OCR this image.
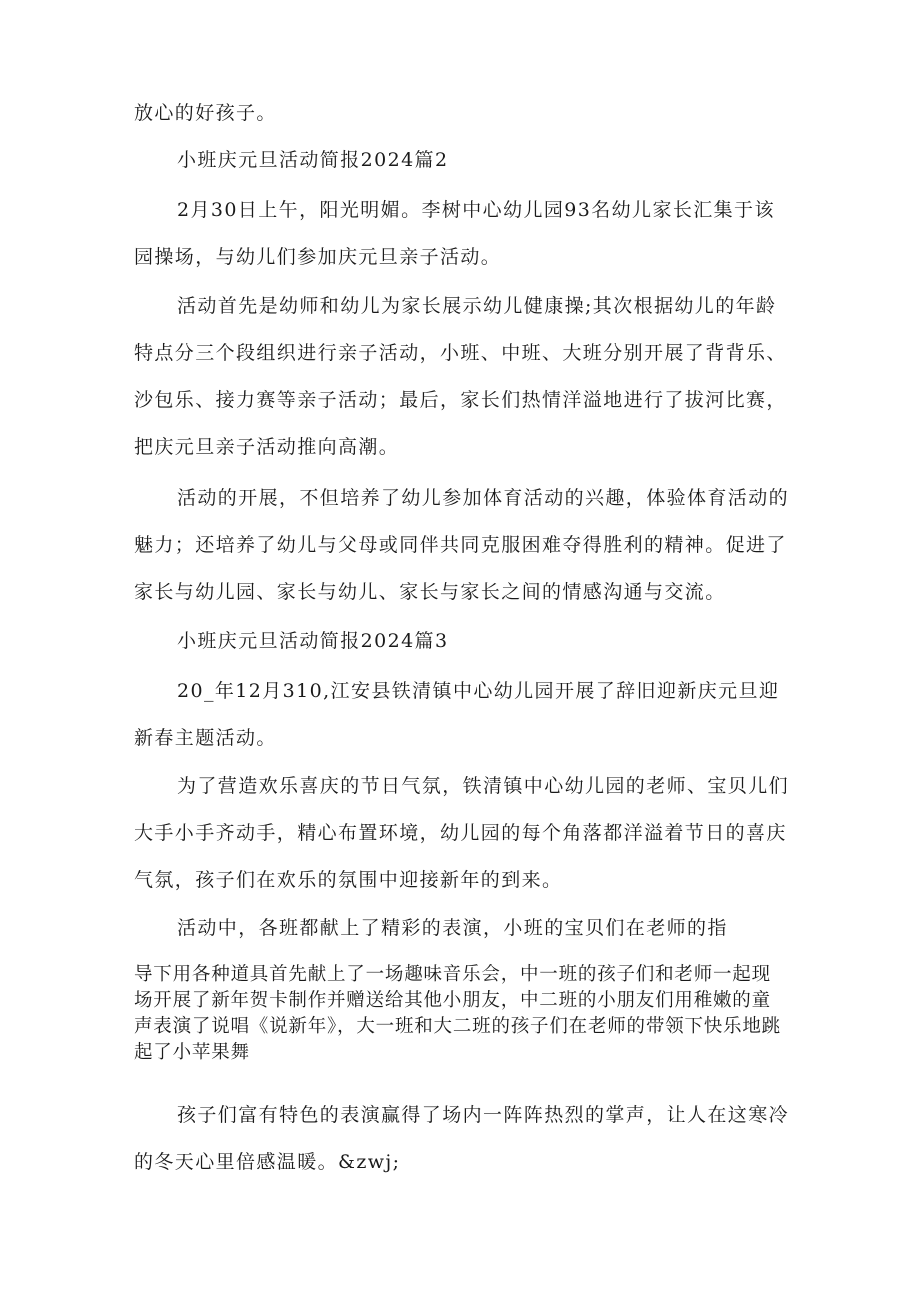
放心的好孩子。

小班庆元旦活动简报2024篇2

2月30日上午，阳光明媚。李树中心幼儿园93名幼儿家长汇集于该园操场，与幼儿们参加庆元旦亲子活动。

活动首先是幼师和幼儿为家长展示幼儿健康操;其次根据幼儿的年龄特点分三个段组织进行亲子活动，小班、中班、大班分别开展了背背乐、沙包乐、接力赛等亲子活动；最后，家长们热情洋溢地进行了拔河比赛，把庆元旦亲子活动推向高潮。

活动的开展，不但培养了幼儿参加体育活动的兴趣，体验体育活动的魅力；还培养了幼儿与父母或同伴共同克服困难夺得胜利的精神。促进了家长与幼儿园、家长与幼儿、家长与家长之间的情感沟通与交流。

小班庆元旦活动简报2024篇3

20_年12月310,江安县铁清镇中心幼儿园开展了辞旧迎新庆元旦迎新春主题活动。

为了营造欢乐喜庆的节日气氛，铁清镇中心幼儿园的老师、宝贝儿们大手小手齐动手，精心布置环境，幼儿园的每个角落都洋溢着节日的喜庆气氛，孩子们在欢乐的氛围中迎接新年的到来。

活动中，各班都献上了精彩的表演，小班的宝贝们在老师的指

导下用各种道具首先献上了一场趣味音乐会，中一班的孩子们和老师一起现场开展了新年贺卡制作并赠送给其他小朋友，中二班的小朋友们用稚嫩的童声表演了说唱《说新年》，大一班和大二班的孩子们在老师的带领下快乐地跳起了小苹果舞

孩子们富有特色的表演赢得了场内一阵阵热烈的掌声，让人在这寒冷的冬天心里倍感温暖。&zwj;
